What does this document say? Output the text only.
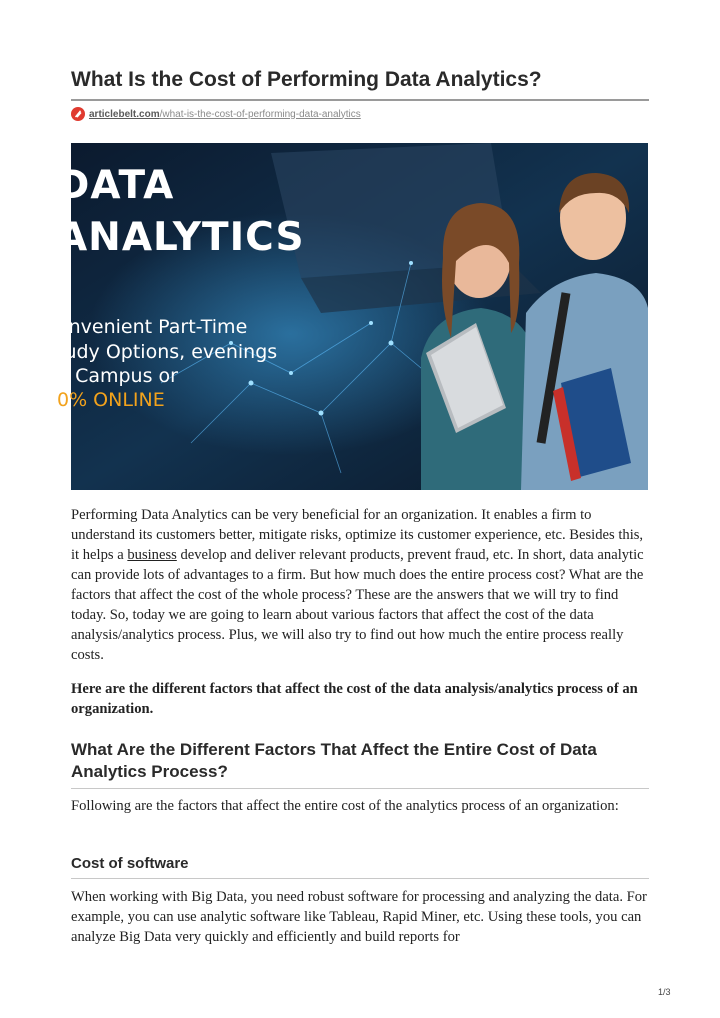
What Is the Cost of Performing Data Analytics?
articlebelt.com/what-is-the-cost-of-performing-data-analytics
DATA
ANALYTICS
onvenient Part-Time
tudy Options, evenings
n Campus or
0% ONLINE

Performing Data Analytics can be very beneficial for an organization. It enables a firm to understand its customers better, mitigate risks, optimize its customer experience, etc. Besides this, it helps a business develop and deliver relevant products, prevent fraud, etc. In short, data analytic can provide lots of advantages to a firm. But how much does the entire process cost? What are the factors that affect the cost of the whole process? These are the answers that we will try to find today. So, today we are going to learn about various factors that affect the cost of the data analysis/analytics process. Plus, we will also try to find out how much the entire process really costs.

Here are the different factors that affect the cost of the data analysis/analytics process of an organization.

What Are the Different Factors That Affect the Entire Cost of Data Analytics Process?

Following are the factors that affect the entire cost of the analytics process of an organization:

Cost of software

When working with Big Data, you need robust software for processing and analyzing the data. For example, you can use analytic software like Tableau, Rapid Miner, etc. Using these tools, you can analyze Big Data very quickly and efficiently and build reports for

1/3
